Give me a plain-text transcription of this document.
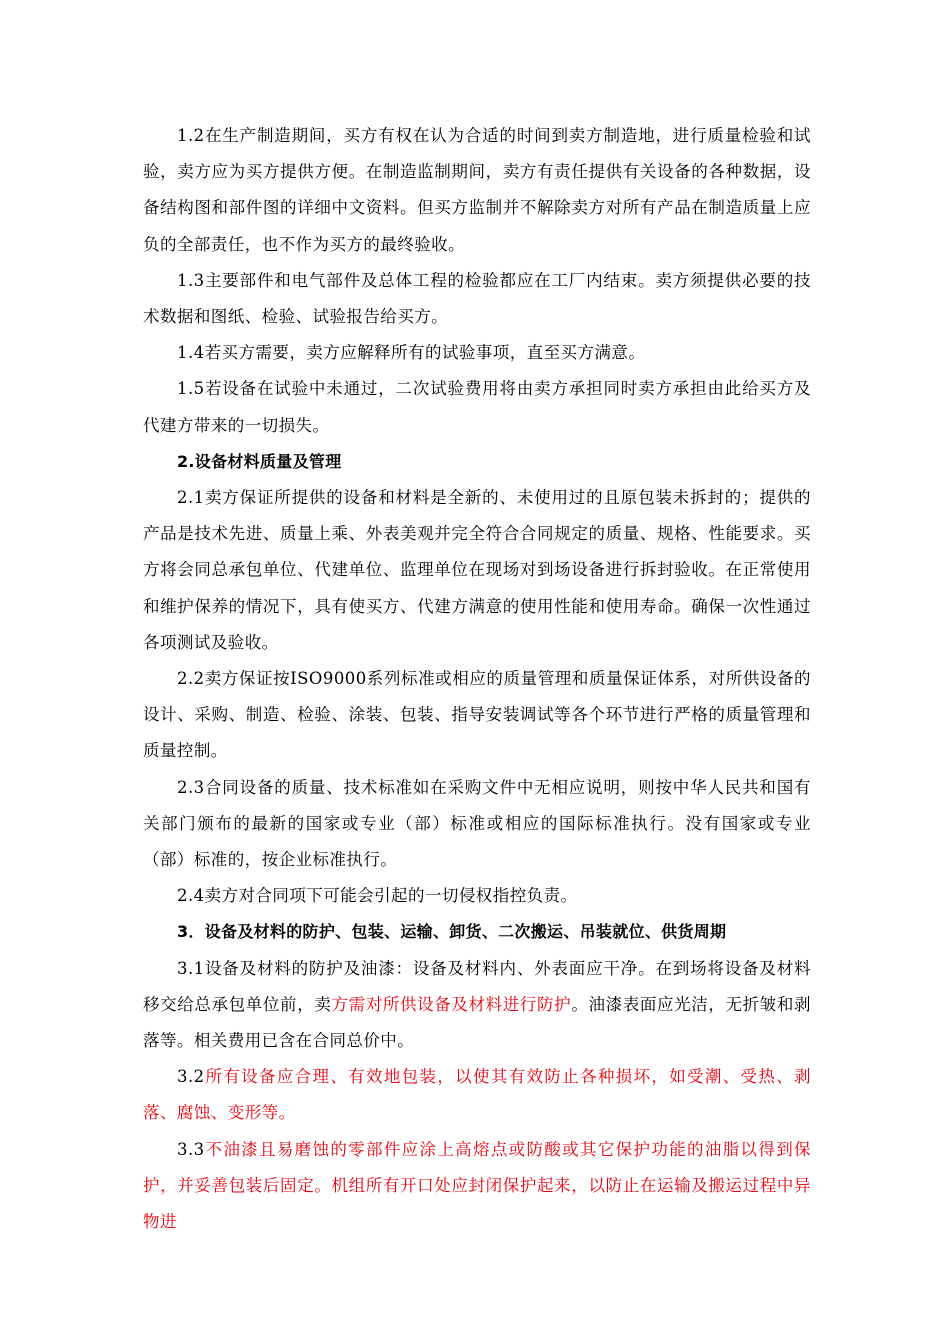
1.2在生产制造期间，买方有权在认为合适的时间到卖方制造地，进行质量检验和试验，卖方应为买方提供方便。在制造监制期间，卖方有责任提供有关设备的各种数据，设备结构图和部件图的详细中文资料。但买方监制并不解除卖方对所有产品在制造质量上应负的全部责任，也不作为买方的最终验收。

1.3主要部件和电气部件及总体工程的检验都应在工厂内结束。卖方须提供必要的技术数据和图纸、检验、试验报告给买方。

1.4若买方需要，卖方应解释所有的试验事项，直至买方满意。

1.5若设备在试验中未通过，二次试验费用将由卖方承担同时卖方承担由此给买方及代建方带来的一切损失。

2.设备材料质量及管理

2.1卖方保证所提供的设备和材料是全新的、未使用过的且原包装未拆封的；提供的产品是技术先进、质量上乘、外表美观并完全符合合同规定的质量、规格、性能要求。买方将会同总承包单位、代建单位、监理单位在现场对到场设备进行拆封验收。在正常使用和维护保养的情况下，具有使买方、代建方满意的使用性能和使用寿命。确保一次性通过各项测试及验收。

2.2卖方保证按ISO9000系列标准或相应的质量管理和质量保证体系，对所供设备的设计、采购、制造、检验、涂装、包装、指导安装调试等各个环节进行严格的质量管理和质量控制。

2.3合同设备的质量、技术标准如在采购文件中无相应说明，则按中华人民共和国有关部门颁布的最新的国家或专业（部）标准或相应的国际标准执行。没有国家或专业（部）标准的，按企业标准执行。

2.4卖方对合同项下可能会引起的一切侵权指控负责。

3．设备及材料的防护、包装、运输、卸货、二次搬运、吊装就位、供货周期

3.1设备及材料的防护及油漆：设备及材料内、外表面应干净。在到场将设备及材料移交给总承包单位前，卖方需对所供设备及材料进行防护。油漆表面应光洁，无折皱和剥落等。相关费用已含在合同总价中。

3.2所有设备应合理、有效地包装，以使其有效防止各种损坏，如受潮、受热、剥落、腐蚀、变形等。

3.3不油漆且易磨蚀的零部件应涂上高熔点或防酸或其它保护功能的油脂以得到保护，并妥善包装后固定。机组所有开口处应封闭保护起来，以防止在运输及搬运过程中异物进
